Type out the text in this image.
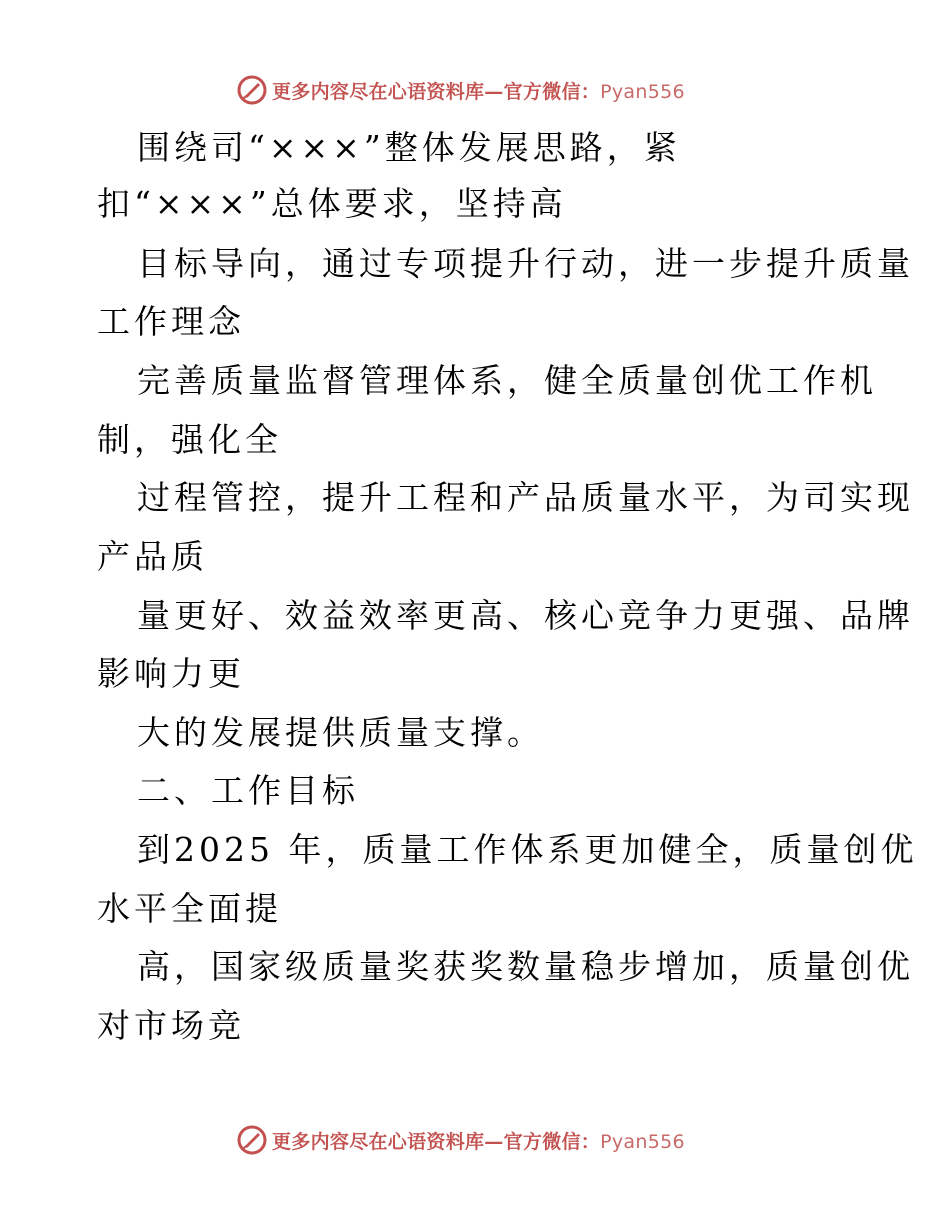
更多内容尽在心语资料库—官方微信：Pyan556
围绕司“×××”整体发展思路，紧
扣“×××”总体要求，坚持高
目标导向，通过专项提升行动，进一步提升质量
工作理念
完善质量监督管理体系，健全质量创优工作机
制，强化全
过程管控，提升工程和产品质量水平，为司实现
产品质
量更好、效益效率更高、核心竞争力更强、品牌
影响力更
大的发展提供质量支撑。
二、工作目标
到2025 年，质量工作体系更加健全，质量创优
水平全面提
高，国家级质量奖获奖数量稳步增加，质量创优
对市场竞
更多内容尽在心语资料库—官方微信：Pyan556
